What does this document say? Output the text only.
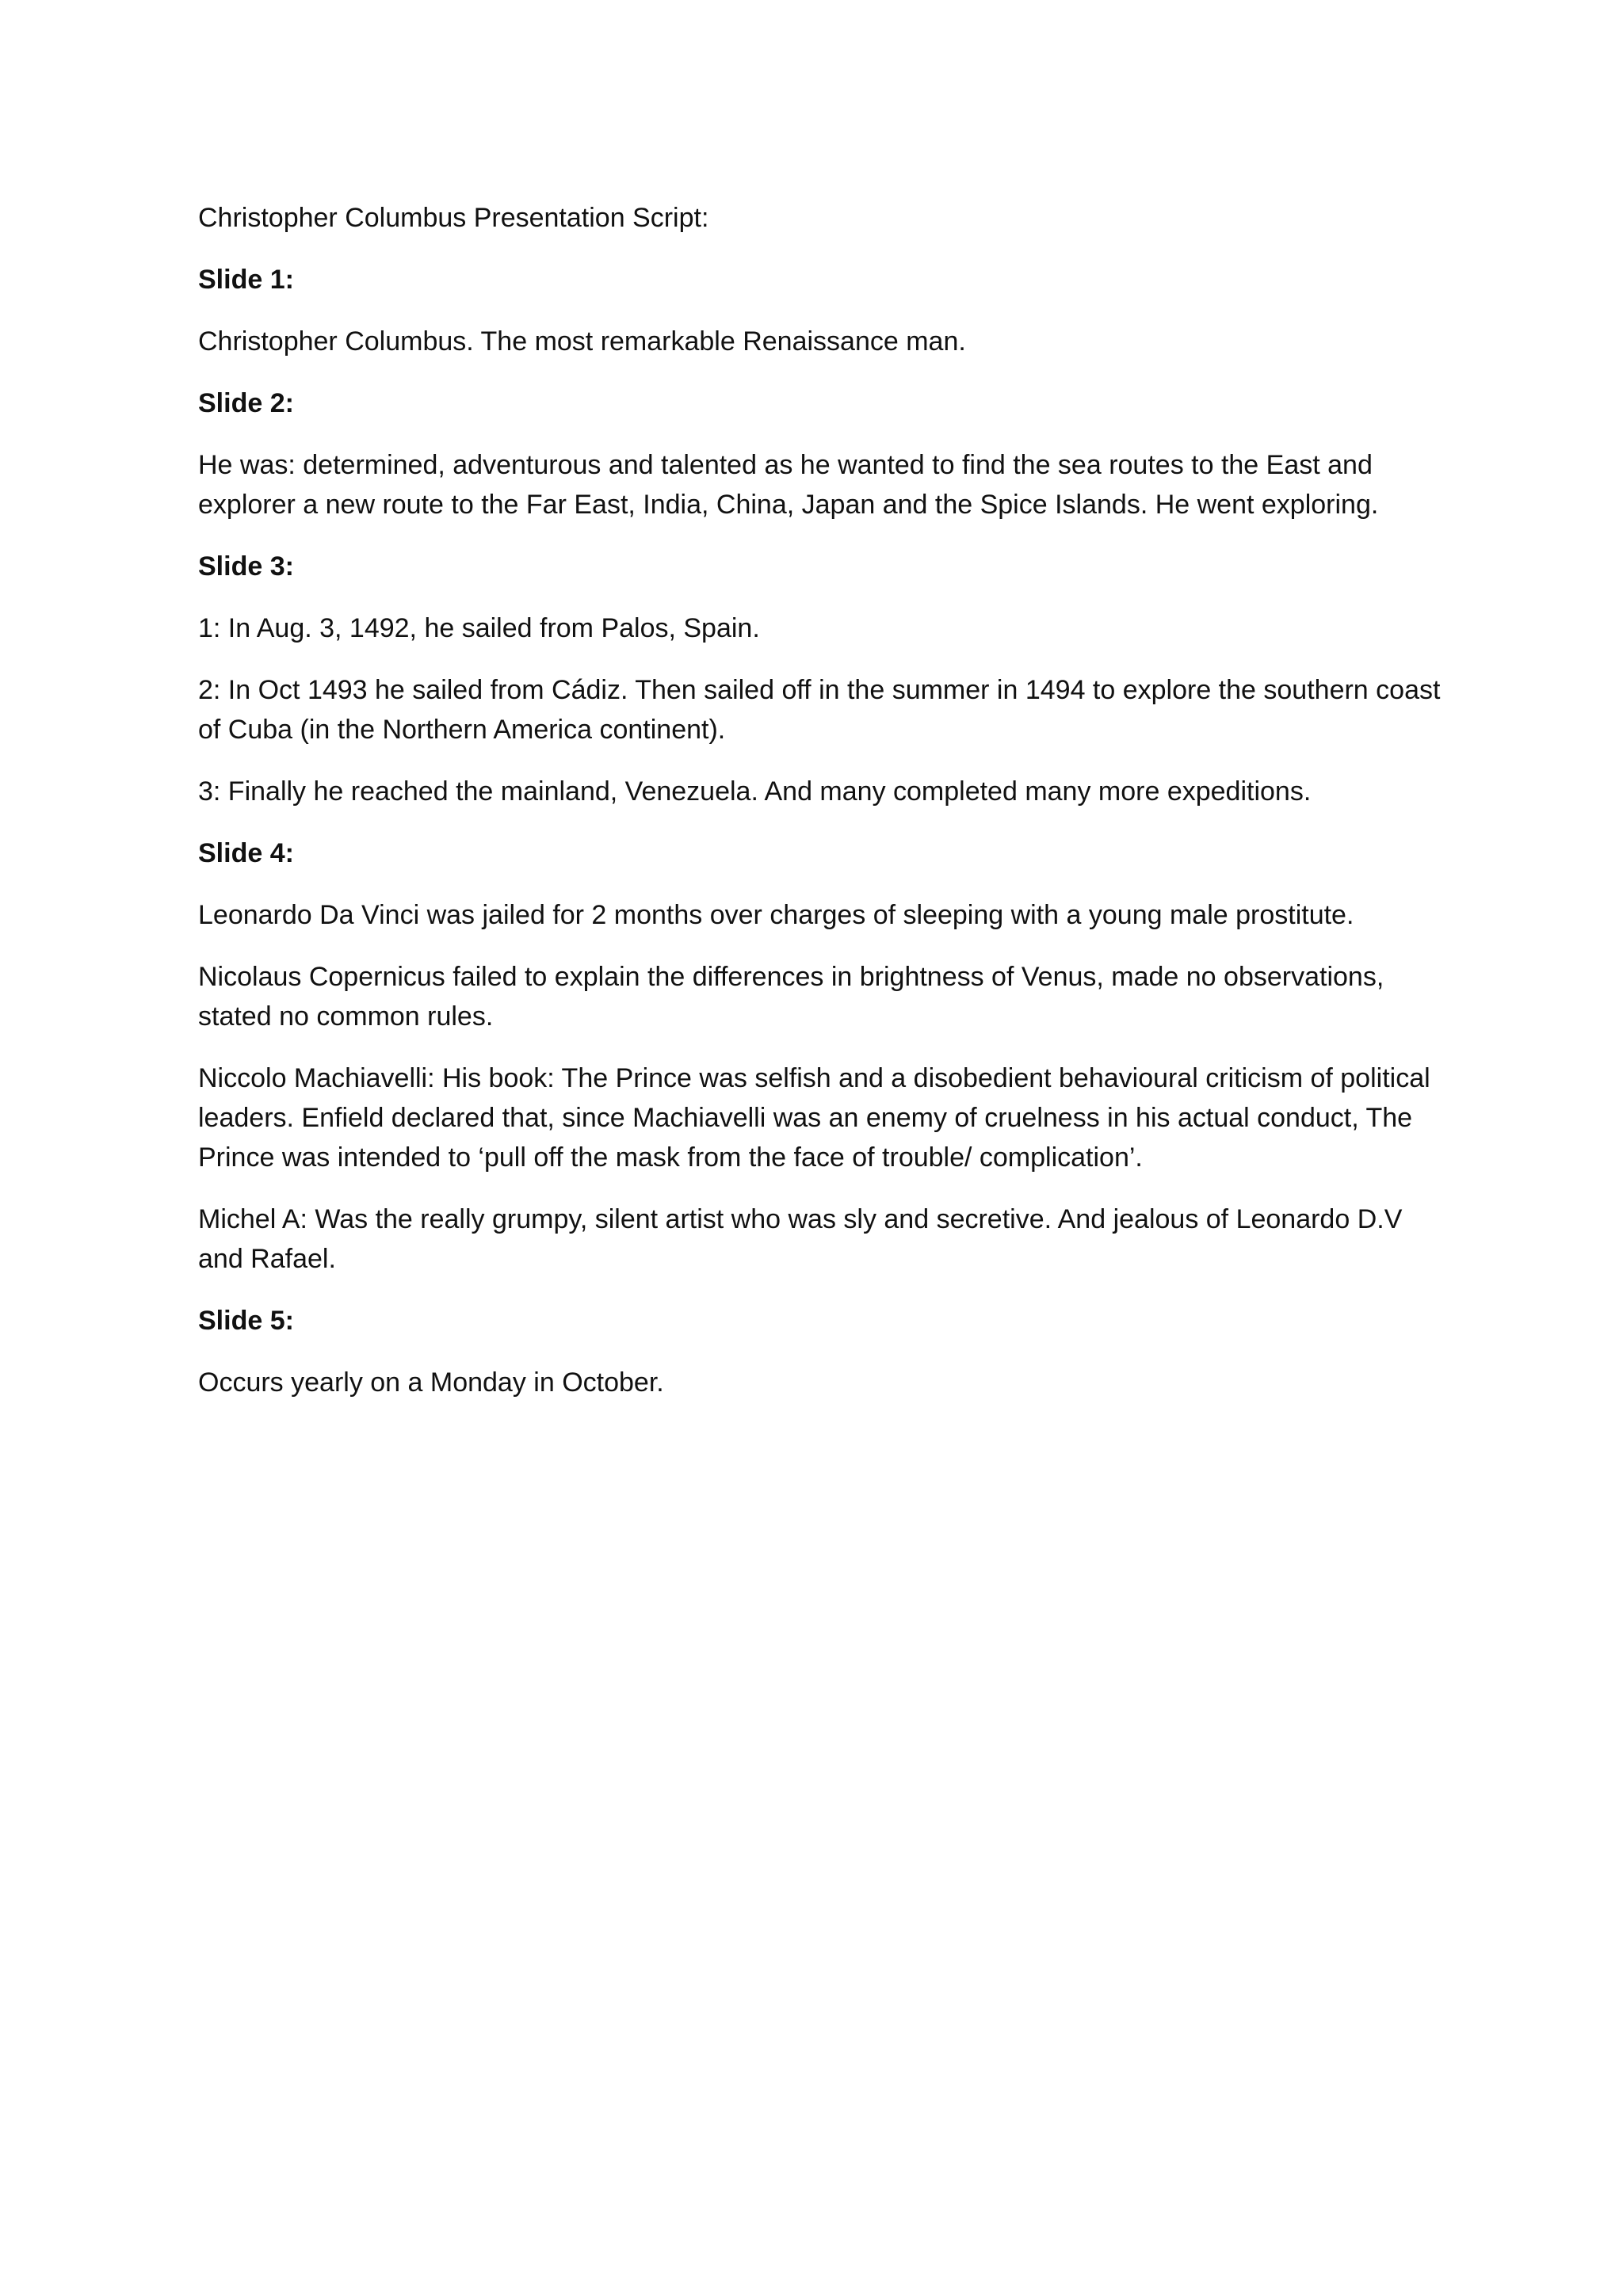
Christopher Columbus Presentation Script:

Slide 1:

Christopher Columbus. The most remarkable Renaissance man.

Slide 2:

He was: determined, adventurous and talented as he wanted to find the sea routes to the East and explorer a new route to the Far East, India, China, Japan and the Spice Islands. He went exploring.

Slide 3:

1: In Aug. 3, 1492, he sailed from Palos, Spain.

2: In Oct 1493 he sailed from Cádiz. Then sailed off in the summer in 1494 to explore the southern coast of Cuba (in the Northern America continent).

3: Finally he reached the mainland, Venezuela. And many completed many more expeditions.

Slide 4:

Leonardo Da Vinci was jailed for 2 months over charges of sleeping with a young male prostitute.

Nicolaus Copernicus failed to explain the differences in brightness of Venus, made no observations, stated no common rules.

Niccolo Machiavelli: His book: The Prince was selfish and a disobedient behavioural criticism of political leaders. Enfield declared that, since Machiavelli was an enemy of cruelness in his actual conduct, The Prince was intended to ‘pull off the mask from the face of trouble/ complication’.

Michel A: Was the really grumpy, silent artist who was sly and secretive. And jealous of Leonardo D.V and Rafael.

Slide 5:

Occurs yearly on a Monday in October.
